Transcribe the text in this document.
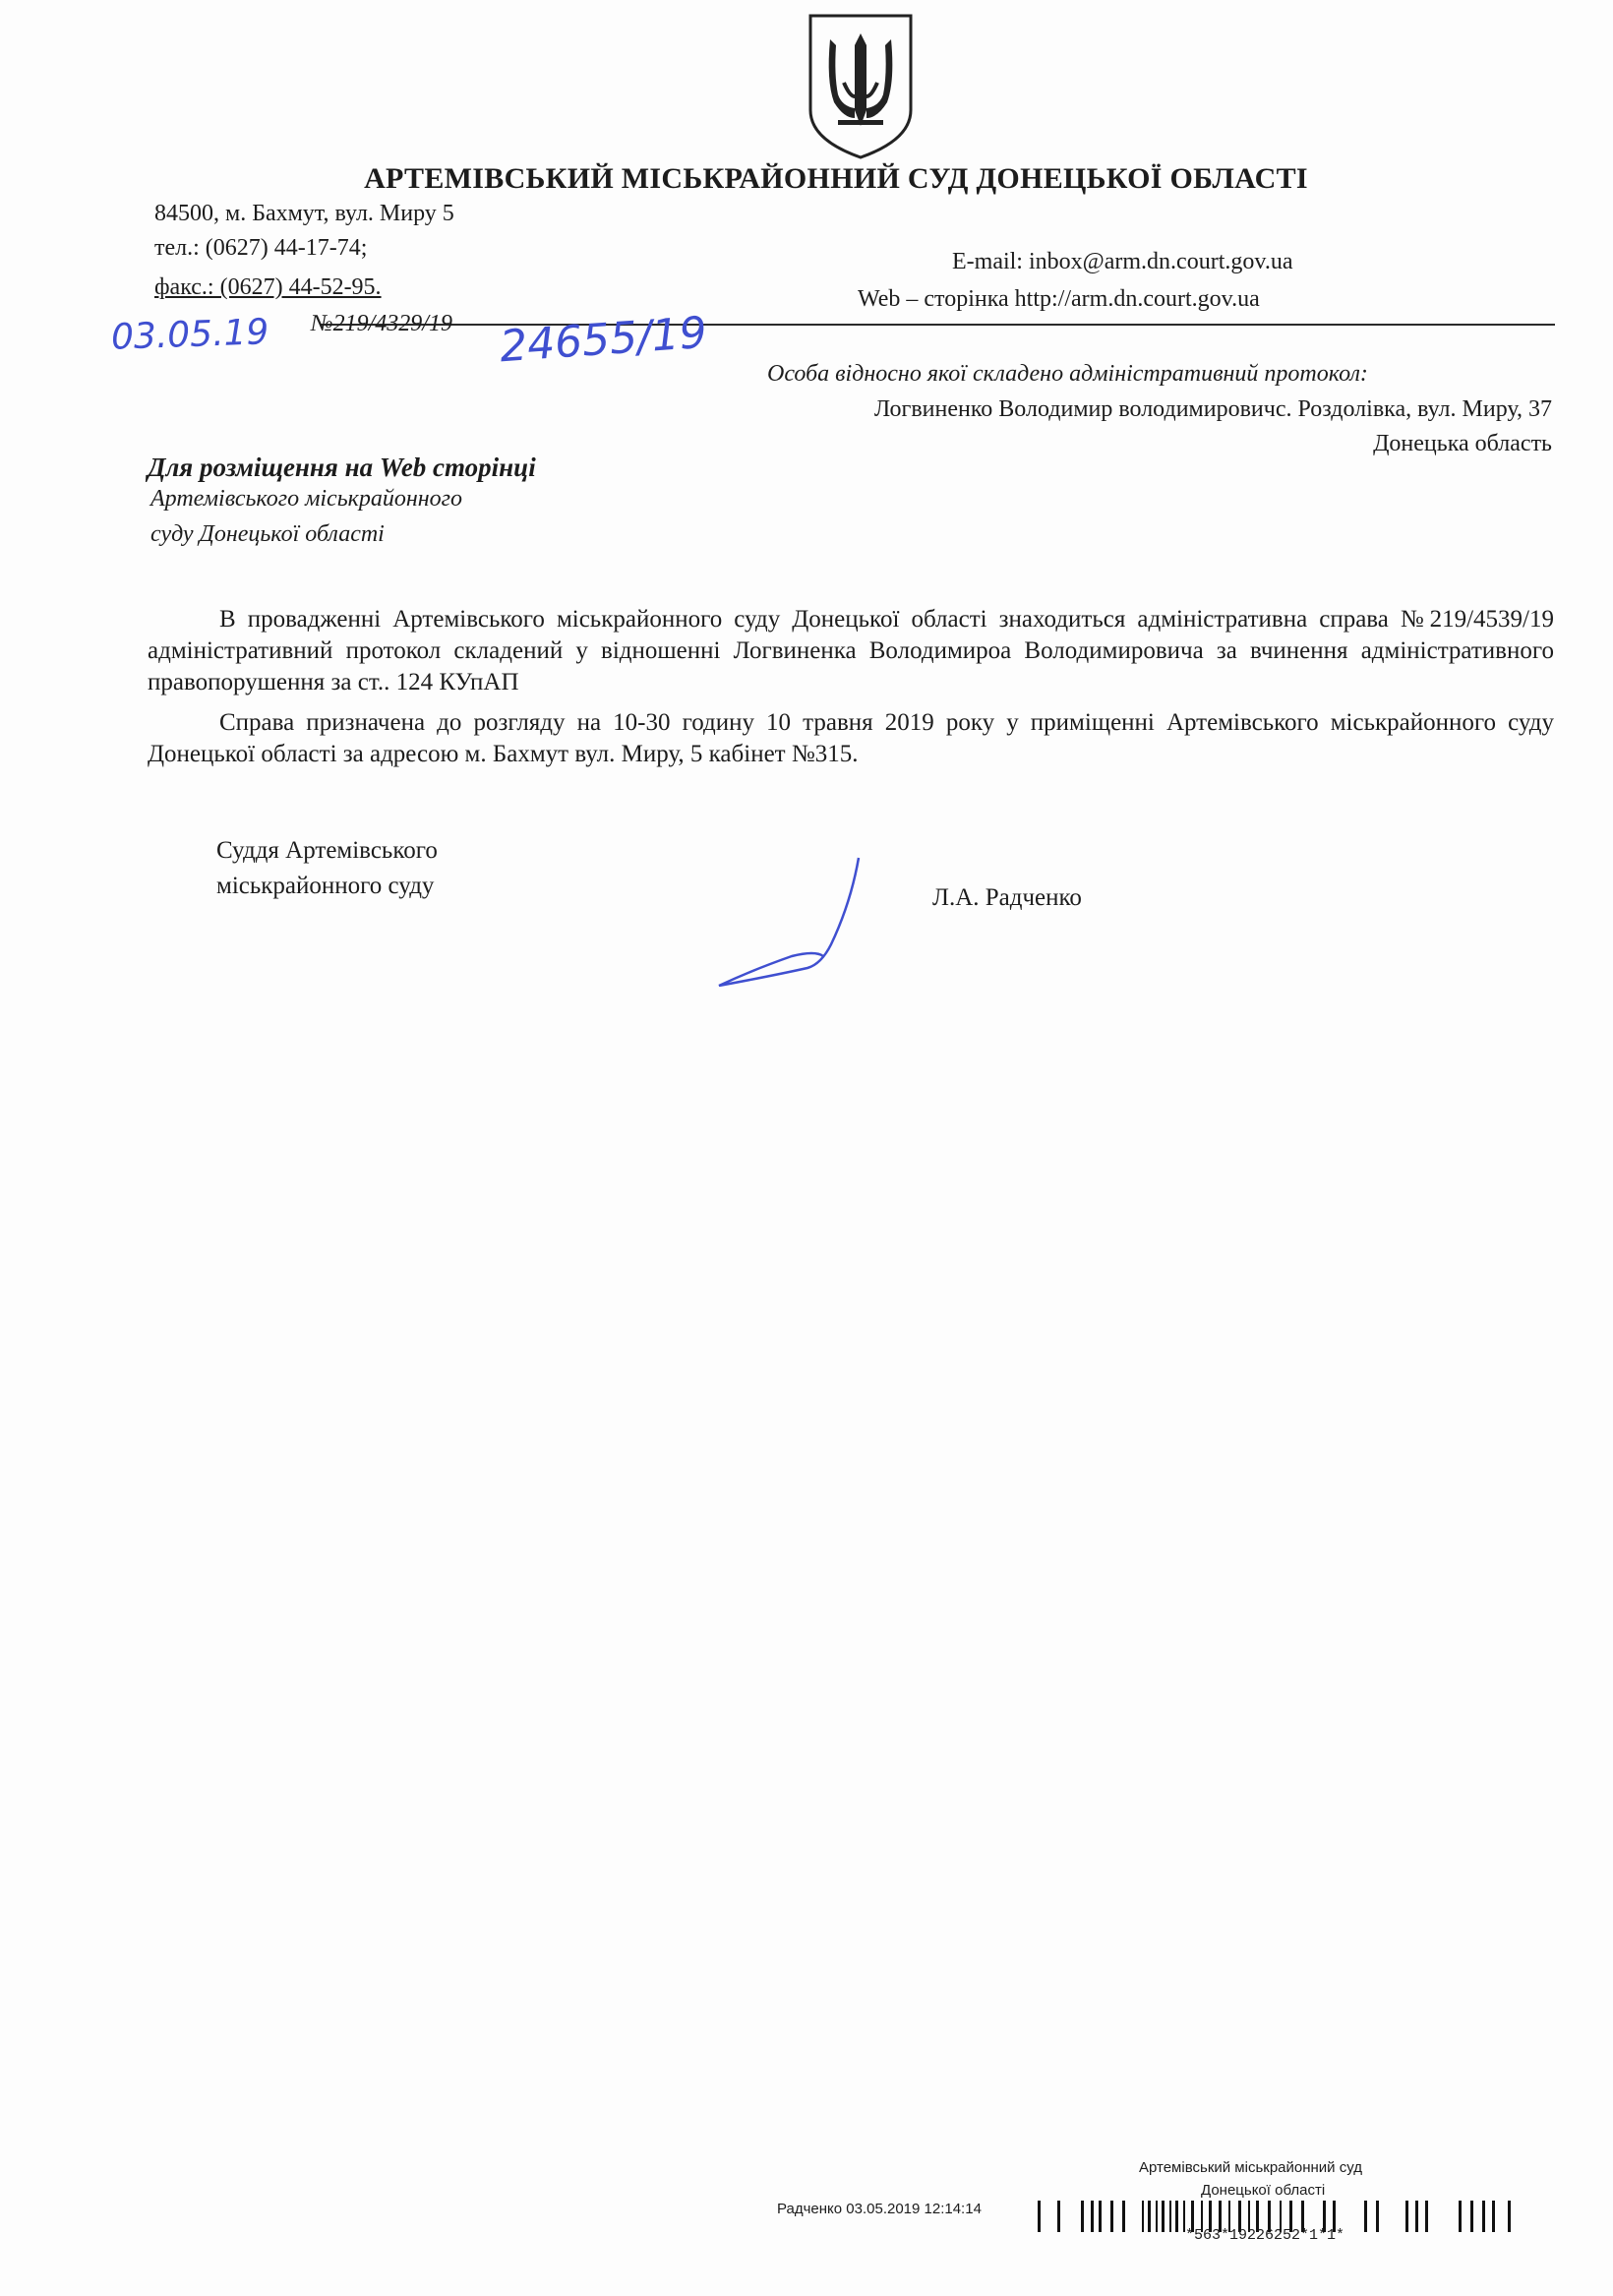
АРТЕМІВСЬКИЙ МІСЬКРАЙОННИЙ СУД ДОНЕЦЬКОЇ ОБЛАСТІ
84500, м. Бахмут, вул. Миру 5
тел.: (0627) 44-17-74;
факс.: (0627) 44-52-95.
E-mail: inbox@arm.dn.court.gov.ua
Web – сторінка http://arm.dn.court.gov.ua
№219/4329/19
03.05.19	24655/19
Особа відносно якої складено адміністративний протокол:
Логвиненко Володимир володимировичс. Роздолівка, вул. Миру, 37
Донецька область
Для розміщення на Web сторінці
Артемівського міськрайонного
суду Донецької області
В провадженні Артемівського міськрайонного суду Донецької області знаходиться адміністративна справа №219/4539/19 адміністративний протокол складений у відношенні Логвиненка Володимироа Володимировича за вчинення адміністративного правопорушення за ст.. 124 КУпАП
Справа призначена до розгляду на 10-30 годину 10 травня 2019 року у приміщенні Артемівського міськрайонного суду Донецької області за адресою м. Бахмут вул. Миру, 5 кабінет №315.
Суддя Артемівського
міськрайонного суду	Л.А. Радченко
Артемівський міськрайонний суд
Донецької області
Радченко 03.05.2019 12:14:14
*563*19226252*1*1*
